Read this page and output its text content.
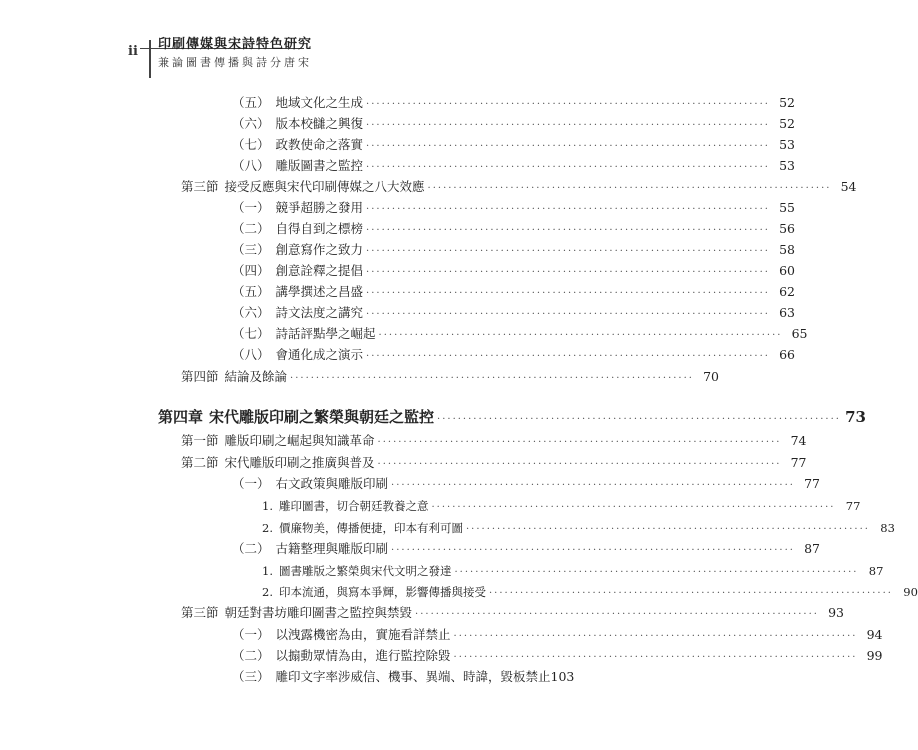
ii 印刷傳媒與宋詩特色研究
兼論圖書傳播與詩分唐宋
（五） 地域文化之生成 ·············································································· 52
（六） 版本校讎之興復 ·············································································· 52
（七） 政教使命之落實 ·············································································· 53
（八） 雕版圖書之監控 ·············································································· 53
第三節 接受反應與宋代印刷傳媒之八大效應 ·············································································· 54
（一） 競爭超勝之發用 ·············································································· 55
（二） 自得自到之標榜 ·············································································· 56
（三） 創意寫作之致力 ·············································································· 58
（四） 創意詮釋之提倡 ·············································································· 60
（五） 講學撰述之昌盛 ·············································································· 62
（六） 詩文法度之講究 ·············································································· 63
（七） 詩話評點學之崛起 ·············································································· 65
（八） 會通化成之演示 ·············································································· 66
第四節 結論及餘論 ·············································································· 70
第四章 宋代雕版印刷之繁榮與朝廷之監控 ·············································································· 73
第一節 雕版印刷之崛起與知識革命 ·············································································· 74
第二節 宋代雕版印刷之推廣與普及 ·············································································· 77
（一） 右文政策與雕版印刷 ·············································································· 77
1. 雕印圖書，切合朝廷教養之意 ·············································································· 77
2. 價廉物美，傳播便捷，印本有利可圖 ·············································································· 83
（二） 古籍整理與雕版印刷 ·············································································· 87
1. 圖書雕版之繁榮與宋代文明之發達 ·············································································· 87
2. 印本流通，與寫本爭輝，影響傳播與接受 ·············································································· 90
第三節 朝廷對書坊雕印圖書之監控與禁毀 ·············································································· 93
（一） 以洩露機密為由，實施看詳禁止 ·············································································· 94
（二） 以搧動眾情為由，進行監控除毀 ·············································································· 99
（三） 雕印文字率涉威信、機事、異端、時諱，毀板禁止 103
